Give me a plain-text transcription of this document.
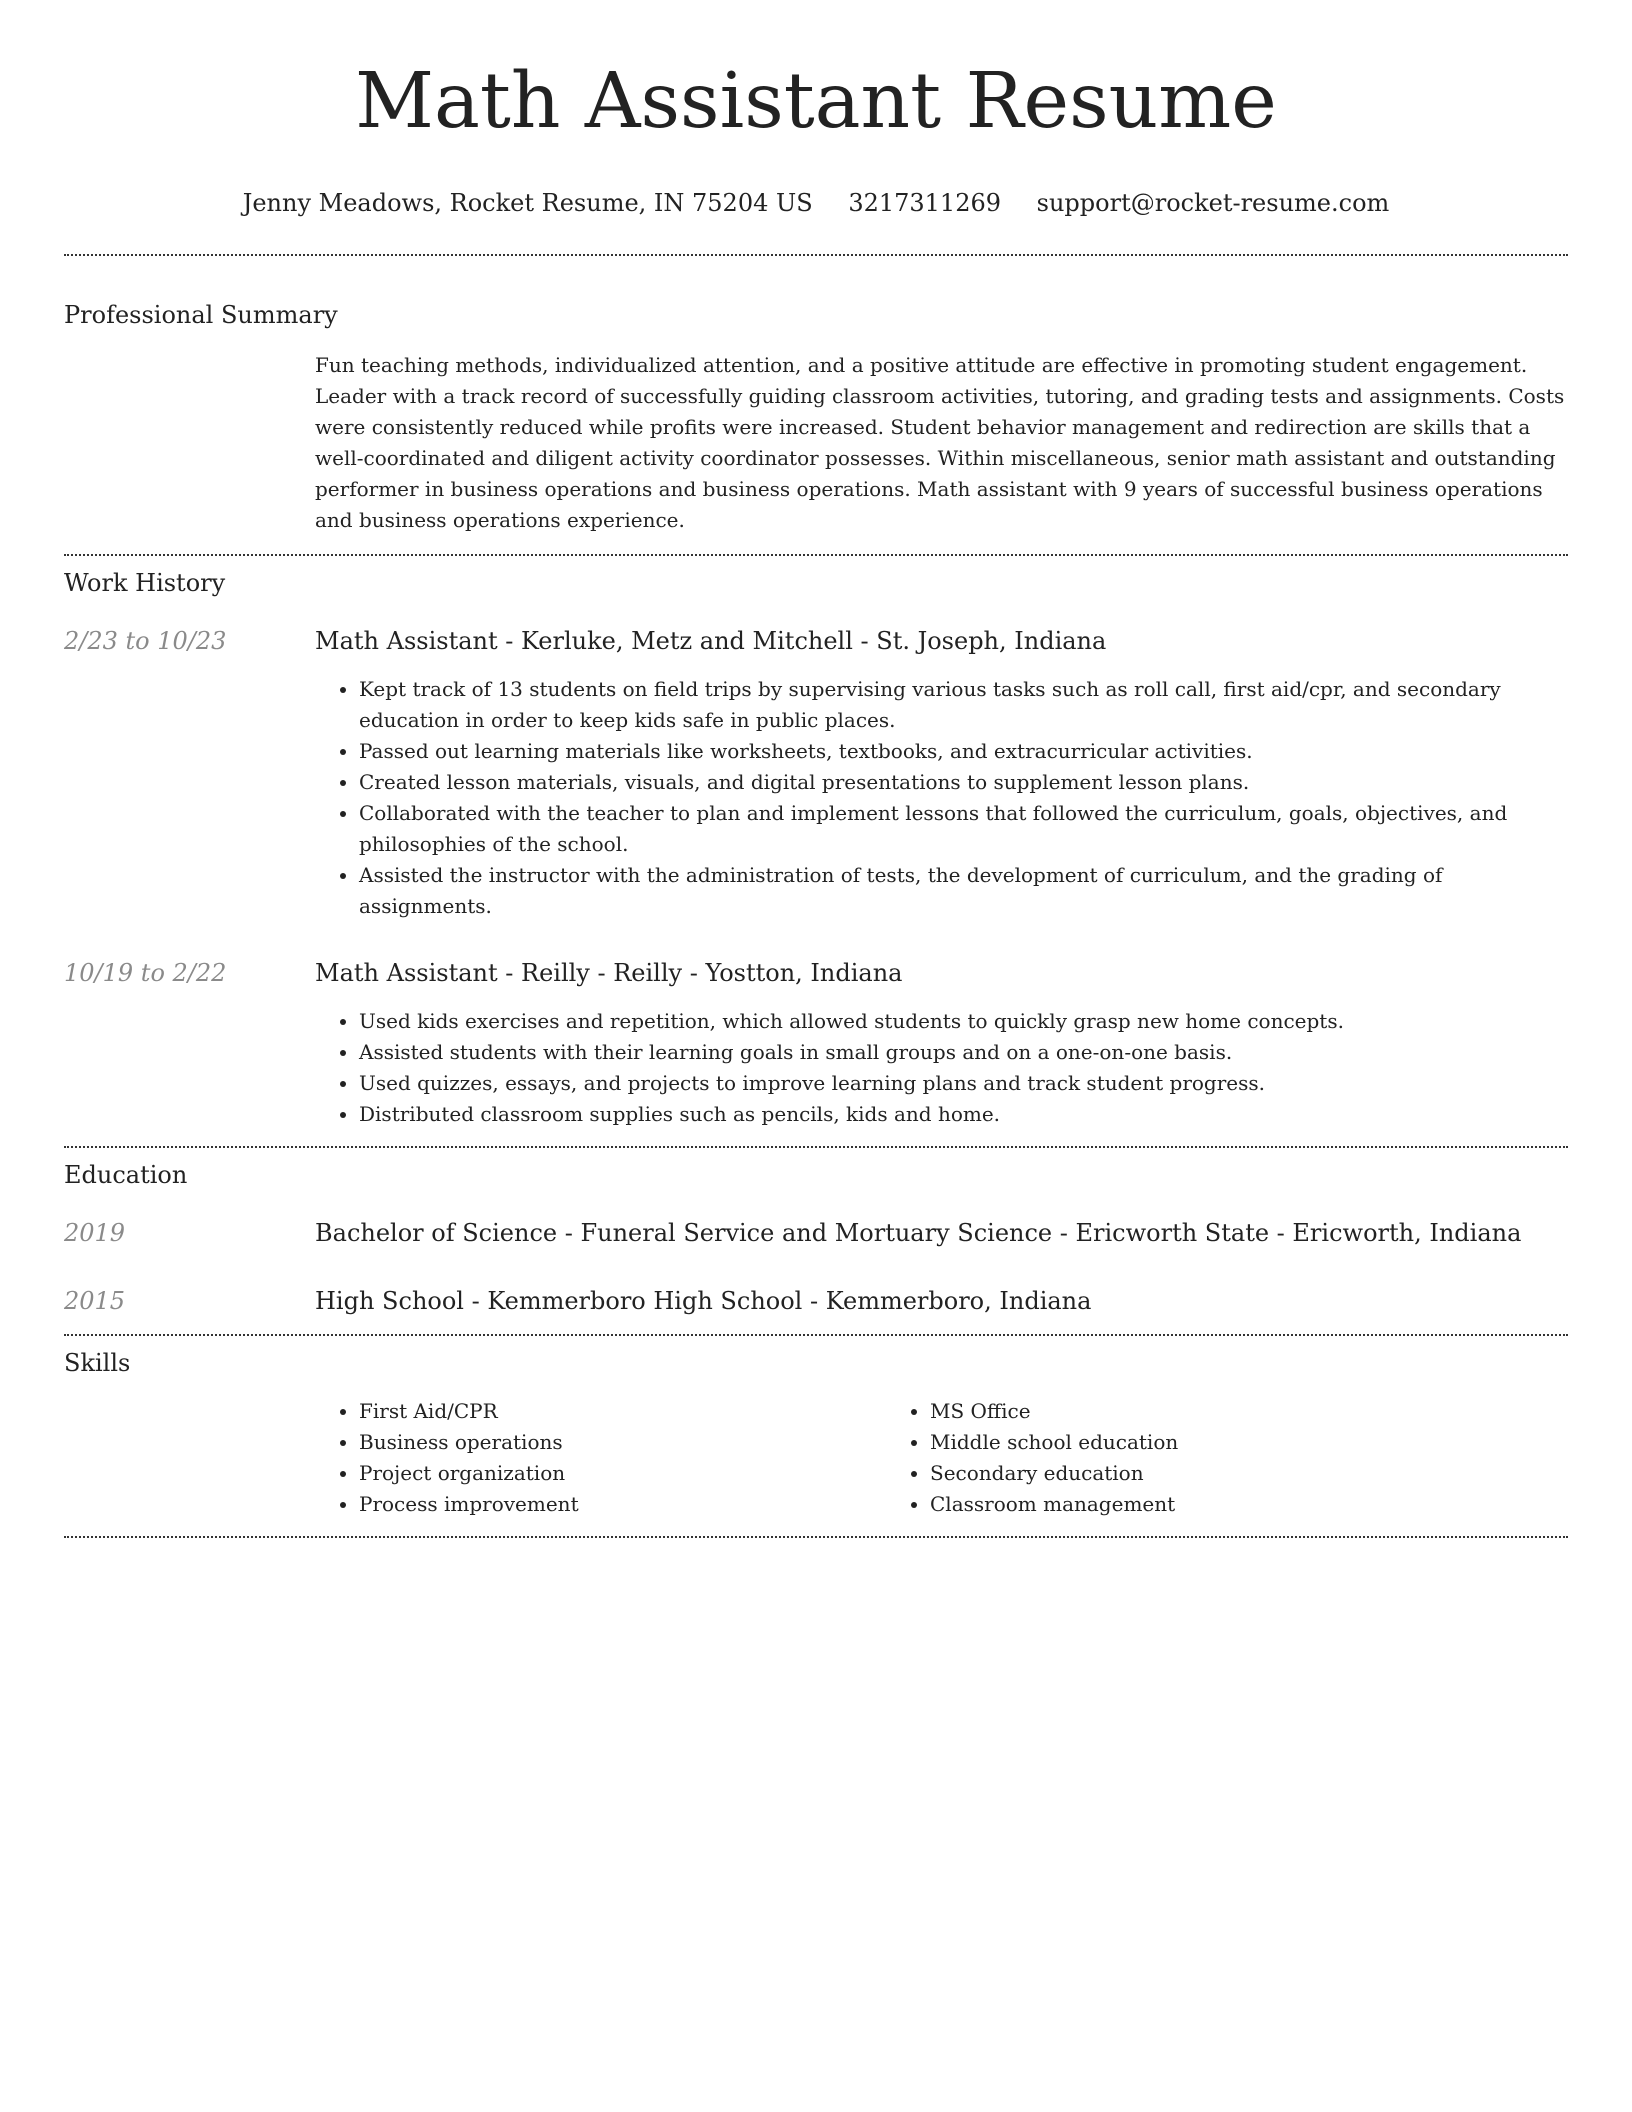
Math Assistant Resume
Jenny Meadows, Rocket Resume, IN 75204 US 3217311269 support@rocket-resume.com
Professional Summary
Fun teaching methods, individualized attention, and a positive attitude are effective in promoting student engagement. Leader with a track record of successfully guiding classroom activities, tutoring, and grading tests and assignments. Costs were consistently reduced while profits were increased. Student behavior management and redirection are skills that a well-coordinated and diligent activity coordinator possesses. Within miscellaneous, senior math assistant and outstanding performer in business operations and business operations. Math assistant with 9 years of successful business operations and business operations experience.
Work History
2/23 to 10/23	Math Assistant - Kerluke, Metz and Mitchell - St. Joseph, Indiana
• Kept track of 13 students on field trips by supervising various tasks such as roll call, first aid/cpr, and secondary education in order to keep kids safe in public places.
• Passed out learning materials like worksheets, textbooks, and extracurricular activities.
• Created lesson materials, visuals, and digital presentations to supplement lesson plans.
• Collaborated with the teacher to plan and implement lessons that followed the curriculum, goals, objectives, and philosophies of the school.
• Assisted the instructor with the administration of tests, the development of curriculum, and the grading of assignments.
10/19 to 2/22	Math Assistant - Reilly - Reilly - Yostton, Indiana
• Used kids exercises and repetition, which allowed students to quickly grasp new home concepts.
• Assisted students with their learning goals in small groups and on a one-on-one basis.
• Used quizzes, essays, and projects to improve learning plans and track student progress.
• Distributed classroom supplies such as pencils, kids and home.
Education
2019	Bachelor of Science - Funeral Service and Mortuary Science - Ericworth State - Ericworth, Indiana
2015	High School - Kemmerboro High School - Kemmerboro, Indiana
Skills
• First Aid/CPR
• Business operations
• Project organization
• Process improvement
• MS Office
• Middle school education
• Secondary education
• Classroom management
